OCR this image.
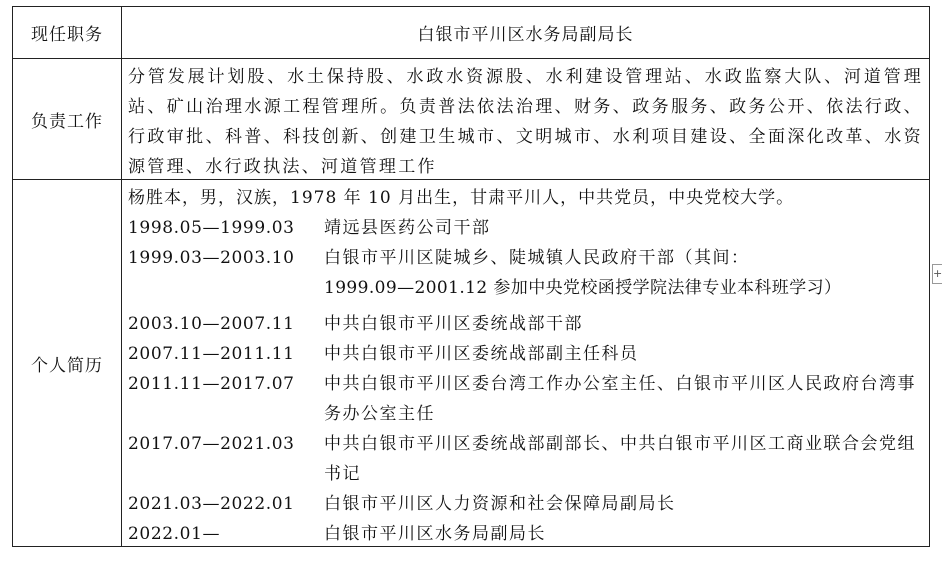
现任职务	白银市平川区水务局副局长
负责工作

分管发展计划股、水土保持股、水政水资源股、水利建设管理站、水政监察大队、河道管理站、矿山治理水源工程管理所。负责普法依法治理、财务、政务服务、政务公开、依法行政、行政审批、科普、科技创新、创建卫生城市、文明城市、水利项目建设、全面深化改革、水资源管理、水行政执法、河道管理工作

个人简历
杨胜本，男，汉族，1978 年 10 月出生，甘肃平川人，中共党员，中央党校大学。
1998.05—1999.03 靖远县医药公司干部
1999.03—2003.10 白银市平川区陡城乡、陡城镇人民政府干部（其间：
1999.09—2001.12 参加中央党校函授学院法律专业本科班学习）
2003.10—2007.11 中共白银市平川区委统战部干部
2007.11—2011.11 中共白银市平川区委统战部副主任科员
2011.11—2017.07 中共白银市平川区委台湾工作办公室主任、白银市平川区人民政府台湾事务办公室主任
2017.07—2021.03 中共白银市平川区委统战部副部长、中共白银市平川区工商业联合会党组书记
2021.03—2022.01 白银市平川区人力资源和社会保障局副局长
2022.01—	白银市平川区水务局副局长
+
